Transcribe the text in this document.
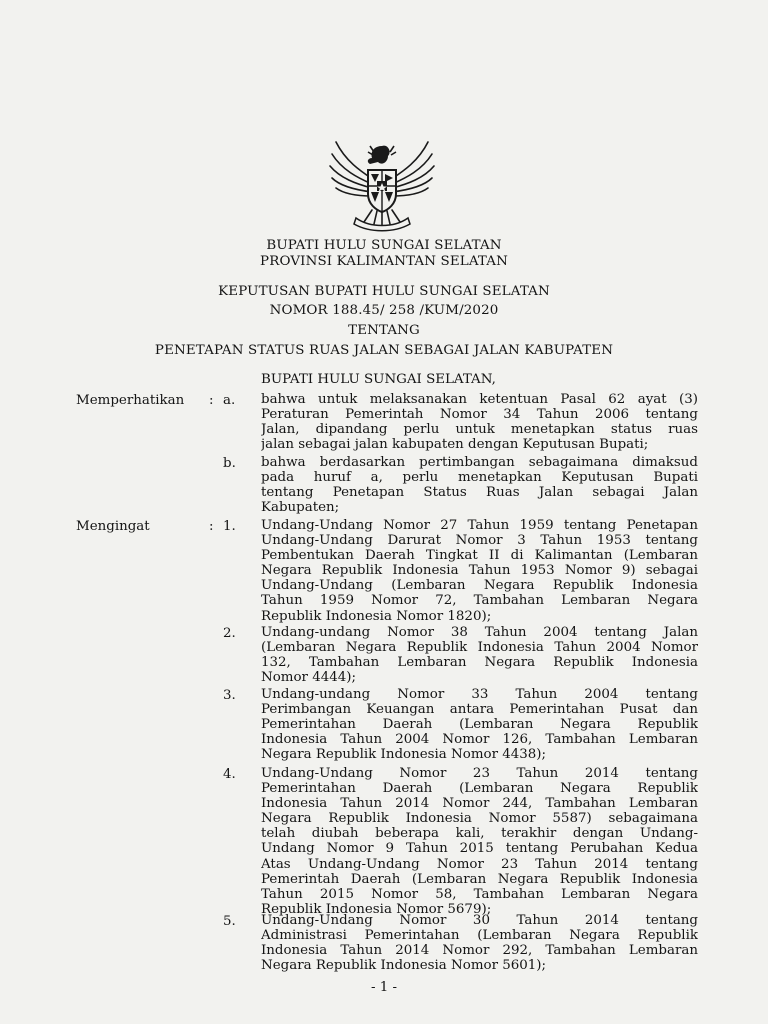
BUPATI HULU SUNGAI SELATAN
PROVINSI KALIMANTAN SELATAN
KEPUTUSAN BUPATI HULU SUNGAI SELATAN
NOMOR 188.45/ 258 /KUM/2020
TENTANG
PENETAPAN STATUS RUAS JALAN SEBAGAI JALAN KABUPATEN
BUPATI HULU SUNGAI SELATAN,
Memperhatikan : a. bahwa untuk melaksanakan ketentuan Pasal 62 ayat (3)
Peraturan Pemerintah Nomor 34 Tahun 2006 tentang
Jalan, dipandang perlu untuk menetapkan status ruas
jalan sebagai jalan kabupaten dengan Keputusan Bupati;
b. bahwa berdasarkan pertimbangan sebagaimana dimaksud
pada huruf a, perlu menetapkan Keputusan Bupati
tentang Penetapan Status Ruas Jalan sebagai Jalan
Kabupaten;
Mengingat	: 1. Undang-Undang Nomor 27 Tahun 1959 tentang Penetapan
Undang-Undang Darurat Nomor 3 Tahun 1953 tentang
Pembentukan Daerah Tingkat II di Kalimantan (Lembaran
Negara Republik Indonesia Tahun 1953 Nomor 9) sebagai
Undang-Undang (Lembaran Negara Republik Indonesia
Tahun 1959 Nomor 72, Tambahan Lembaran Negara
Republik Indonesia Nomor 1820);
2. Undang-undang Nomor 38 Tahun 2004 tentang Jalan
(Lembaran Negara Republik Indonesia Tahun 2004 Nomor
132, Tambahan Lembaran Negara Republik Indonesia
Nomor 4444);
3. Undang-undang Nomor 33 Tahun 2004 tentang
Perimbangan Keuangan antara Pemerintahan Pusat dan
Pemerintahan Daerah (Lembaran Negara Republik
Indonesia Tahun 2004 Nomor 126, Tambahan Lembaran
Negara Republik Indonesia Nomor 4438);
4. Undang-Undang Nomor 23 Tahun 2014 tentang
Pemerintahan Daerah (Lembaran Negara Republik
Indonesia Tahun 2014 Nomor 244, Tambahan Lembaran
Negara Republik Indonesia Nomor 5587) sebagaimana
telah diubah beberapa kali, terakhir dengan Undang-
Undang Nomor 9 Tahun 2015 tentang Perubahan Kedua
Atas Undang-Undang Nomor 23 Tahun 2014 tentang
Pemerintah Daerah (Lembaran Negara Republik Indonesia
Tahun 2015 Nomor 58, Tambahan Lembaran Negara
Republik Indonesia Nomor 5679);
5. Undang-Undang Nomor 30 Tahun 2014 tentang
Administrasi Pemerintahan (Lembaran Negara Republik
Indonesia Tahun 2014 Nomor 292, Tambahan Lembaran
Negara Republik Indonesia Nomor 5601);
- 1 -
